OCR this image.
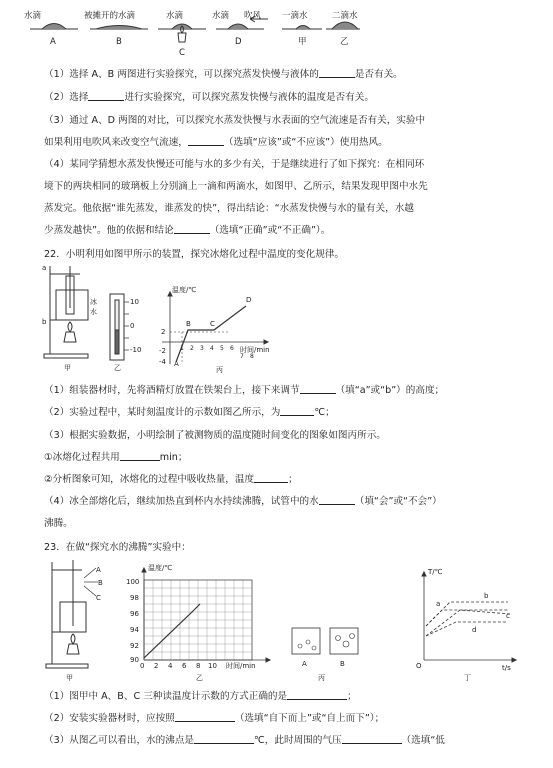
水滴	被摊开的水滴	水滴	水滴 吹风 一滴水	二滴水
A	B
C
D	甲	乙
（1）选择 A、B 两图进行实验探究，可以探究蒸发快慢与液体的	是否有关。
（2）选择	进行实验探究，可以探究蒸发快慢与液体的温度是否有关。
（3）通过 A、D 两图的对比，可以探究水蒸发快慢与水表面的空气流速是否有关，实验中
如果利用电吹风来改变空气流速，	（选填“应该”或“不应该”）使用热风。
（4）某同学猜想水蒸发快慢还可能与水的多少有关，于是继续进行了如下探究：在相同环
境下的两块相同的玻璃板上分别滴上一滴和两滴水，如图甲、乙所示，结果发现甲图中水先
蒸发完。他依据“谁先蒸发，谁蒸发的快”，得出结论：“水蒸发快慢与水的量有关，水越
少蒸发越快”。他的依据和结论	（选填“正确”或“不正确”）。
22．小明利用如图甲所示的装置，探究冰熔化过程中温度的变化规律。
a
b
冰
水
甲	乙	丙
温度/℃
时间/min
A
B	C
D
10
0
-10
2
-2
-4
1 2 3 4 5 6
7 8
（1）组装器材时，先将酒精灯放置在铁架台上，接下来调节	（填“a”或“b”）的高度；
（2）实验过程中，某时刻温度计的示数如图乙所示，为	℃；
（3）根据实验数据，小明绘制了被测物质的温度随时间变化的图象如图丙所示。
①冰熔化过程共用	min；
②分析图象可知，冰熔化的过程中吸收热量，温度	；
（4）冰全部熔化后，继续加热直到杯内水持续沸腾，试管中的水	（填“会”或“不会”）
沸腾。
23．在做“探究水的沸腾”实验中：
A
B
C
甲	乙	丙	丁
温度/℃
时间/min
100
98
96
94
92
90
0 2 4 6 8 10	A	B
T/℃
b
a
c
d
O	t/s
（1）图甲中 A、B、C 三种读温度计示数的方式正确的是	；
（2）安装实验器材时，应按照	（选填“自下而上”或“自上而下”）；
（3）从图乙可以看出，水的沸点是	℃，此时周围的气压	（选填“低
